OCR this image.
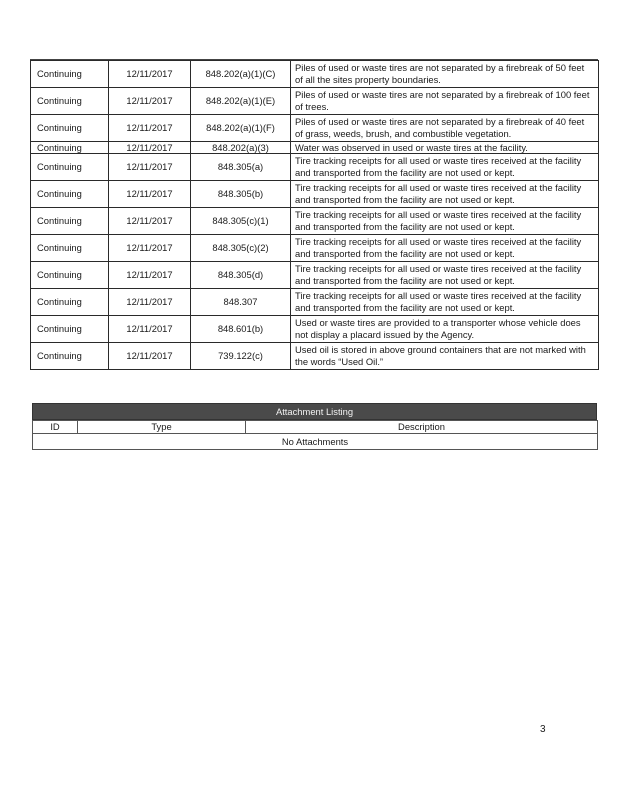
Continuing	12/11/2017	848.202(a)(1)(C)	Piles of used or waste tires are not separated by a firebreak of 50 feet of all the sites property boundaries.
Continuing	12/11/2017	848.202(a)(1)(E)	Piles of used or waste tires are not separated by a firebreak of 100 feet of trees.
Continuing	12/11/2017	848.202(a)(1)(F)	Piles of used or waste tires are not separated by a firebreak of 40 feet of grass, weeds, brush, and combustible vegetation.
Continuing	12/11/2017	848.202(a)(3)	Water was observed in used or waste tires at the facility.
Continuing	12/11/2017	848.305(a)	Tire tracking receipts for all used or waste tires received at the facility and transported from the facility are not used or kept.
Continuing	12/11/2017	848.305(b)	Tire tracking receipts for all used or waste tires received at the facility and transported from the facility are not used or kept.
Continuing	12/11/2017	848.305(c)(1)	Tire tracking receipts for all used or waste tires received at the facility and transported from the facility are not used or kept.
Continuing	12/11/2017	848.305(c)(2)	Tire tracking receipts for all used or waste tires received at the facility and transported from the facility are not used or kept.
Continuing	12/11/2017	848.305(d)	Tire tracking receipts for all used or waste tires received at the facility and transported from the facility are not used or kept.
Continuing	12/11/2017	848.307	Tire tracking receipts for all used or waste tires received at the facility and transported from the facility are not used or kept.
Continuing	12/11/2017	848.601(b)	Used or waste tires are provided to a transporter whose vehicle does not display a placard issued by the Agency.
Continuing	12/11/2017	739.122(c)	Used oil is stored in above ground containers that are not marked with the words “Used Oil.”
Attachment Listing
ID	Type	Description
No Attachments
3
